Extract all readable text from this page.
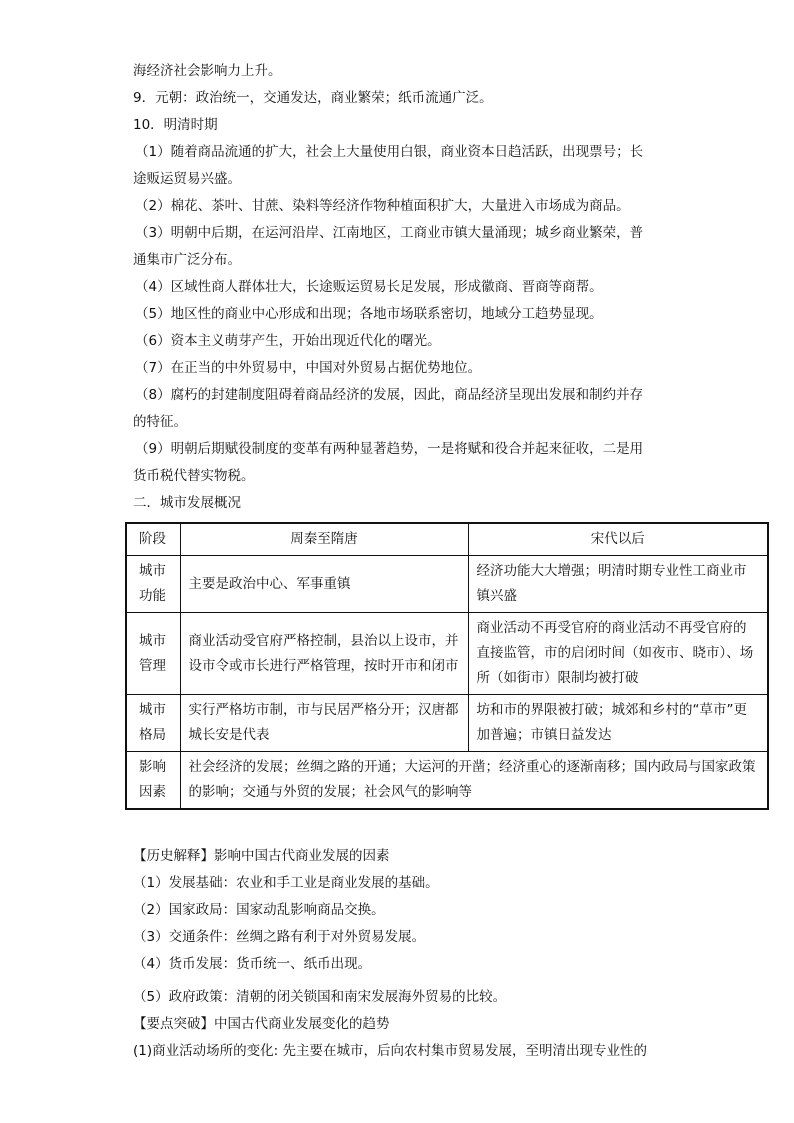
海经济社会影响力上升。
9．元朝：政治统一，交通发达，商业繁荣；纸币流通广泛。
10．明清时期
（1）随着商品流通的扩大，社会上大量使用白银，商业资本日趋活跃，出现票号；长
途贩运贸易兴盛。
（2）棉花、茶叶、甘蔗、染料等经济作物种植面积扩大，大量进入市场成为商品。
（3）明朝中后期，在运河沿岸、江南地区，工商业市镇大量涌现；城乡商业繁荣，普
通集市广泛分布。
（4）区域性商人群体壮大，长途贩运贸易长足发展，形成徽商、晋商等商帮。
（5）地区性的商业中心形成和出现；各地市场联系密切，地域分工趋势显现。
（6）资本主义萌芽产生，开始出现近代化的曙光。
（7）在正当的中外贸易中，中国对外贸易占据优势地位。
（8）腐朽的封建制度阻碍着商品经济的发展，因此，商品经济呈现出发展和制约并存
的特征。
（9）明朝后期赋役制度的变革有两种显著趋势，一是将赋和役合并起来征收，二是用
货币税代替实物税。
二．城市发展概况
阶段	周秦至隋唐	宋代以后
城市功能	主要是政治中心、军事重镇	经济功能大大增强；明清时期专业性工商业市镇兴盛
城市管理	商业活动受官府严格控制，县治以上设市，并设市令或市长进行严格管理，按时开市和闭市	商业活动不再受官府的商业活动不再受官府的直接监管，市的启闭时间（如夜市、晓市）、场所（如街市）限制均被打破
城市格局	实行严格坊市制，市与民居严格分开；汉唐都城长安是代表	坊和市的界限被打破；城郊和乡村的“草市”更加普遍；市镇日益发达
影响因素	社会经济的发展；丝绸之路的开通；大运河的开凿；经济重心的逐渐南移；国内政局与国家政策的影响；交通与外贸的发展；社会风气的影响等	
【历史解释】影响中国古代商业发展的因素
（1）发展基础：农业和手工业是商业发展的基础。
（2）国家政局：国家动乱影响商品交换。
（3）交通条件：丝绸之路有利于对外贸易发展。
（4）货币发展：货币统一、纸币出现。
（5）政府政策：清朝的闭关锁国和南宋发展海外贸易的比较。
【要点突破】中国古代商业发展变化的趋势
(1)商业活动场所的变化: 先主要在城市，后向农村集市贸易发展，至明清出现专业性的
